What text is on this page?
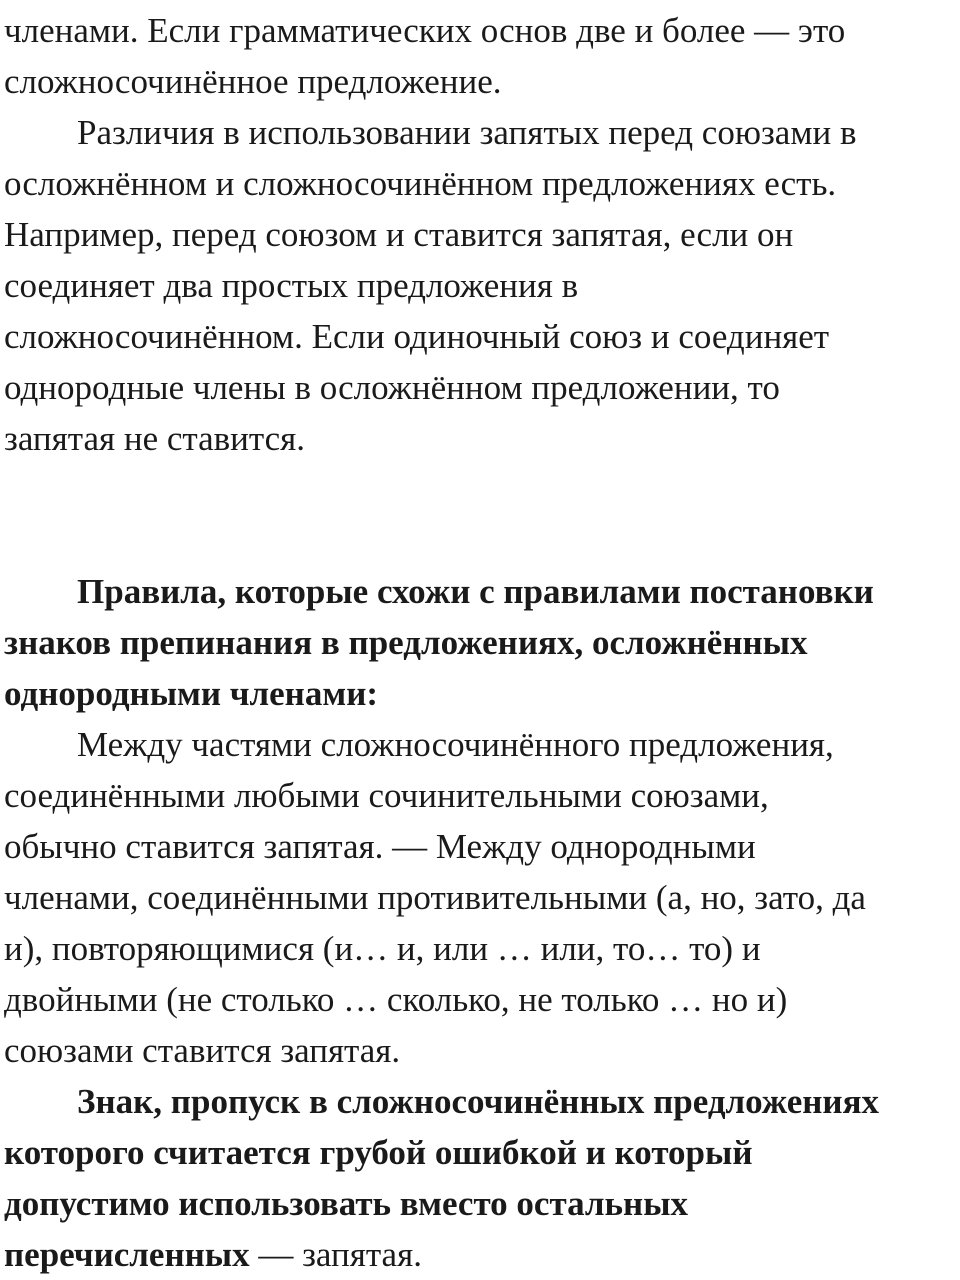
членами. Если грамматических основ две и более — это
сложносочинённое предложение.
Различия в использовании запятых перед союзами в
осложнённом и сложносочинённом предложениях есть.
Например, перед союзом и ставится запятая, если он
соединяет два простых предложения в
сложносочинённом. Если одиночный союз и соединяет
однородные члены в осложнённом предложении, то
запятая не ставится.
Правила, которые схожи с правилами постановки
знаков препинания в предложениях, осложнённых
однородными членами:
Между частями сложносочинённого предложения,
соединёнными любыми сочинительными союзами,
обычно ставится запятая. — Между однородными
членами, соединёнными противительными (а, но, зато, да
и), повторяющимися (и… и, или … или, то… то) и
двойными (не столько … сколько, не только … но и)
союзами ставится запятая.
Знак, пропуск в сложносочинённых предложениях
которого считается грубой ошибкой и который
допустимо использовать вместо остальных
перечисленных — запятая.
